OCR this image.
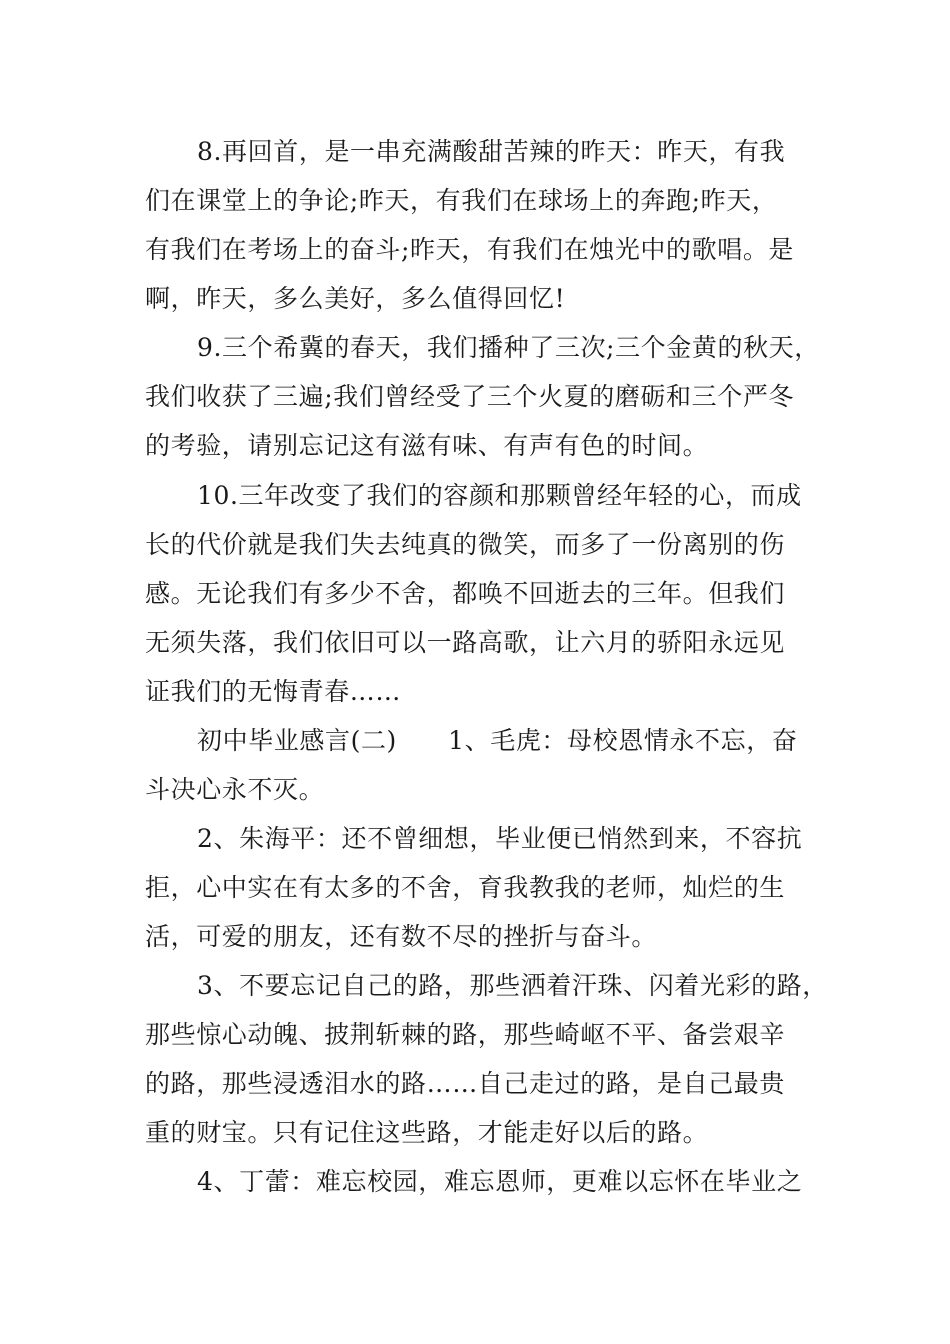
8.再回首，是一串充满酸甜苦辣的昨天：昨天，有我
们在课堂上的争论;昨天，有我们在球场上的奔跑;昨天，
有我们在考场上的奋斗;昨天，有我们在烛光中的歌唱。是
啊，昨天，多么美好，多么值得回忆!
9.三个希冀的春天，我们播种了三次;三个金黄的秋天，
我们收获了三遍;我们曾经受了三个火夏的磨砺和三个严冬
的考验，请别忘记这有滋有味、有声有色的时间。
10.三年改变了我们的容颜和那颗曾经年轻的心，而成
长的代价就是我们失去纯真的微笑，而多了一份离别的伤
感。无论我们有多少不舍，都唤不回逝去的三年。但我们
无须失落，我们依旧可以一路高歌，让六月的骄阳永远见
证我们的无悔青春……
初中毕业感言(二)　　1、毛虎：母校恩情永不忘，奋
斗决心永不灭。
2、朱海平：还不曾细想，毕业便已悄然到来，不容抗
拒，心中实在有太多的不舍，育我教我的老师，灿烂的生
活，可爱的朋友，还有数不尽的挫折与奋斗。
3、不要忘记自己的路，那些洒着汗珠、闪着光彩的路，
那些惊心动魄、披荆斩棘的路，那些崎岖不平、备尝艰辛
的路，那些浸透泪水的路……自己走过的路，是自己最贵
重的财宝。只有记住这些路，才能走好以后的路。
4、丁蕾：难忘校园，难忘恩师，更难以忘怀在毕业之
